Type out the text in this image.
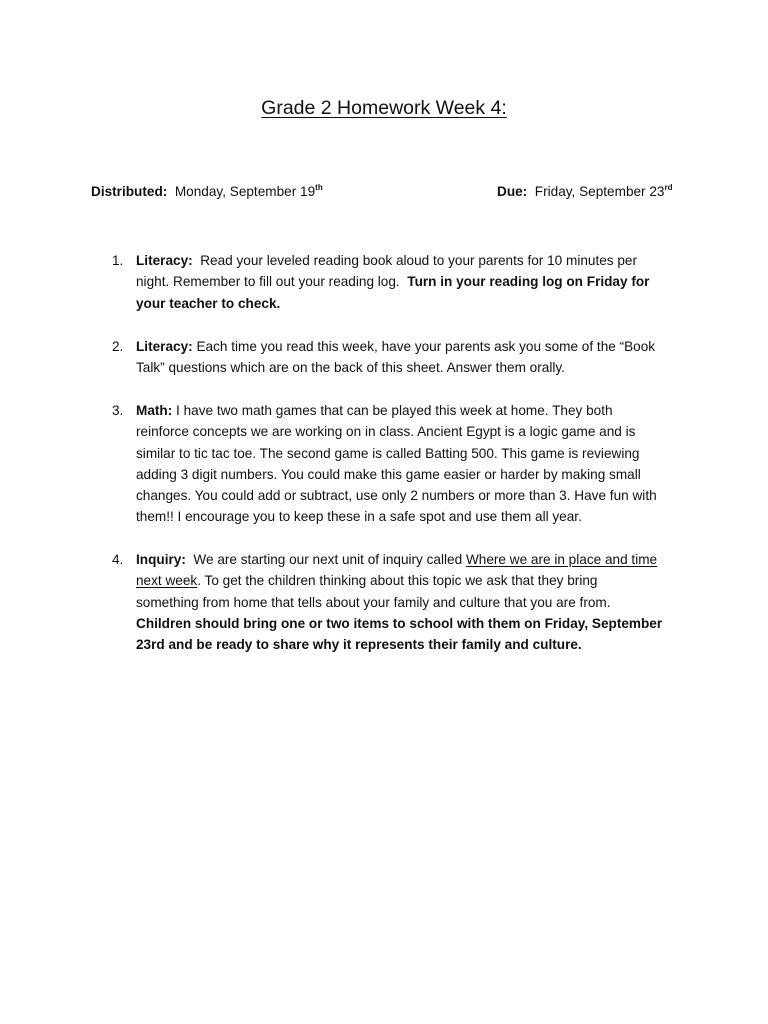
Grade 2 Homework Week 4:
Distributed: Monday, September 19th	Due: Friday, September 23rd
1. Literacy: Read your leveled reading book aloud to your parents for 10 minutes per
night. Remember to fill out your reading log. Turn in your reading log on Friday for
your teacher to check.
2. Literacy: Each time you read this week, have your parents ask you some of the “Book
Talk” questions which are on the back of this sheet. Answer them orally.
3. Math: I have two math games that can be played this week at home. They both
reinforce concepts we are working on in class. Ancient Egypt is a logic game and is
similar to tic tac toe. The second game is called Batting 500. This game is reviewing
adding 3 digit numbers. You could make this game easier or harder by making small
changes. You could add or subtract, use only 2 numbers or more than 3. Have fun with
them!! I encourage you to keep these in a safe spot and use them all year.
4. Inquiry: We are starting our next unit of inquiry called Where we are in place and time
next week. To get the children thinking about this topic we ask that they bring
something from home that tells about your family and culture that you are from.
Children should bring one or two items to school with them on Friday, September
23rd and be ready to share why it represents their family and culture.
